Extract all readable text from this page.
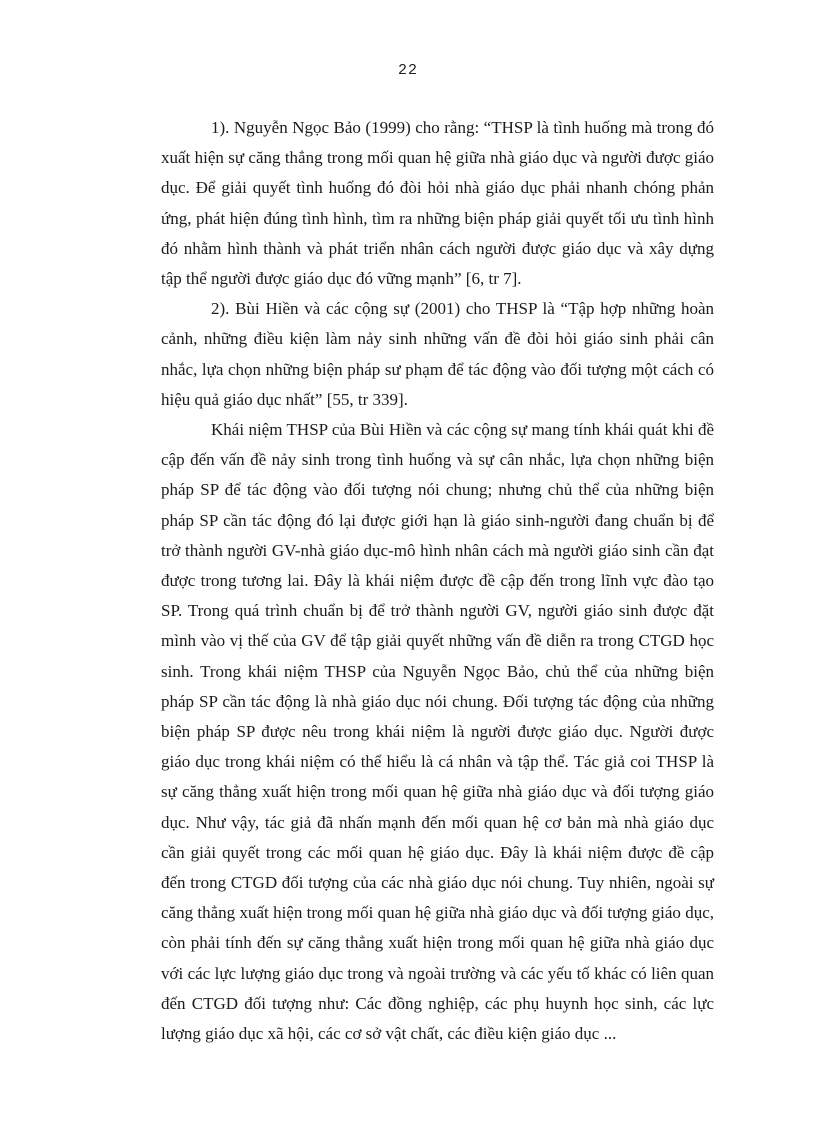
22

1). Nguyễn Ngọc Bảo (1999) cho rằng: “THSP là tình huống mà trong đó xuất hiện sự căng thẳng trong mối quan hệ giữa nhà giáo dục và người được giáo dục. Để giải quyết tình huống đó đòi hỏi nhà giáo dục phải nhanh chóng phản ứng, phát hiện đúng tình hình, tìm ra những biện pháp giải quyết tối ưu tình hình đó nhằm hình thành và phát triển nhân cách người được giáo dục và xây dựng tập thể người được giáo dục đó vững mạnh” [6, tr 7].

2). Bùi Hiền và các cộng sự (2001) cho THSP là “Tập hợp những hoàn cảnh, những điều kiện làm nảy sinh những vấn đề đòi hỏi giáo sinh phải cân nhắc, lựa chọn những biện pháp sư phạm để tác động vào đối tượng một cách có hiệu quả giáo dục nhất” [55, tr 339].

Khái niệm THSP của Bùi Hiền và các cộng sự mang tính khái quát khi đề cập đến vấn đề nảy sinh trong tình huống và sự cân nhắc, lựa chọn những biện pháp SP để tác động vào đối tượng nói chung; nhưng chủ thể của những biện pháp SP cần tác động đó lại được giới hạn là giáo sinh-người đang chuẩn bị để trở thành người GV-nhà giáo dục-mô hình nhân cách mà người giáo sinh cần đạt được trong tương lai. Đây là khái niệm được đề cập đến trong lĩnh vực đào tạo SP. Trong quá trình chuẩn bị để trở thành người GV, người giáo sinh được đặt mình vào vị thế của GV để tập giải quyết những vấn đề diễn ra trong CTGD học sinh. Trong khái niệm THSP của Nguyễn Ngọc Bảo, chủ thể của những biện pháp SP cần tác động là nhà giáo dục nói chung. Đối tượng tác động của những biện pháp SP được nêu trong khái niệm là người được giáo dục. Người được giáo dục trong khái niệm có thể hiểu là cá nhân và tập thể. Tác giả coi THSP là sự căng thẳng xuất hiện trong mối quan hệ giữa nhà giáo dục và đối tượng giáo dục. Như vậy, tác giả đã nhấn mạnh đến mối quan hệ cơ bản mà nhà giáo dục cần giải quyết trong các mối quan hệ giáo dục. Đây là khái niệm được đề cập đến trong CTGD đối tượng của các nhà giáo dục nói chung. Tuy nhiên, ngoài sự căng thẳng xuất hiện trong mối quan hệ giữa nhà giáo dục và đối tượng giáo dục, còn phải tính đến sự căng thẳng xuất hiện trong mối quan hệ giữa nhà giáo dục với các lực lượng giáo dục trong và ngoài trường và các yếu tố khác có liên quan đến CTGD đối tượng như: Các đồng nghiệp, các phụ huynh học sinh, các lực lượng giáo dục xã hội, các cơ sở vật chất, các điều kiện giáo dục ...
